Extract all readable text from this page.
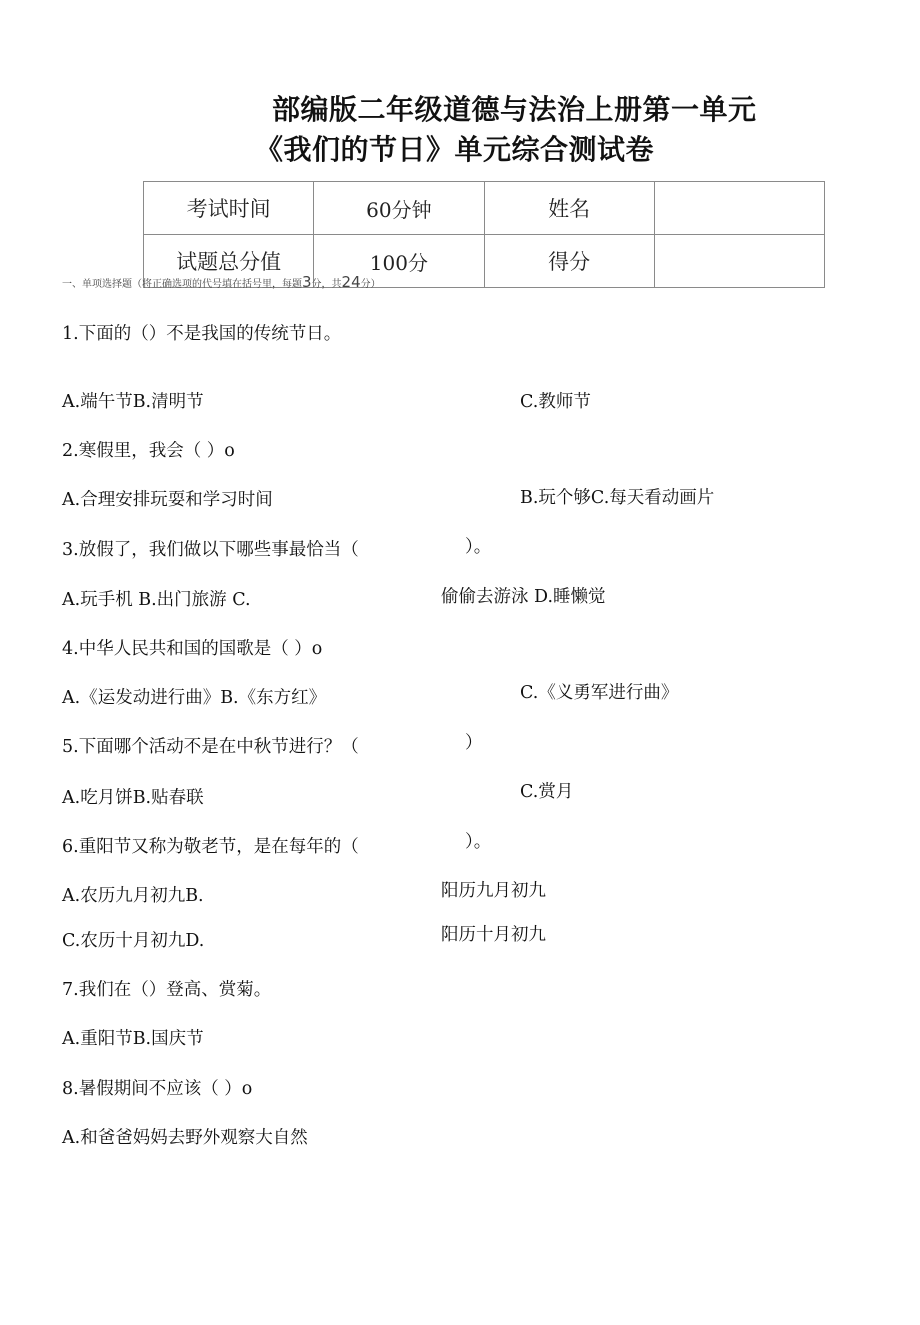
部编版二年级道德与法治上册第一单元
《我们的节日》单元综合测试卷
考试时间	60分钟	姓名	
试题总分值	100分	得分	
一、单项选择题（将正确选项的代号填在括号里，每题3分，共24分）
1.下面的（）不是我国的传统节日。
A.端午节B.清明节	C.教师节
2.寒假里，我会（ ）o
A.合理安排玩耍和学习时间	B.玩个够C.每天看动画片
3.放假了，我们做以下哪些事最恰当（	）。
A.玩手机 B.出门旅游 C.	偷偷去游泳 D.睡懒觉
4.中华人民共和国的国歌是（ ）o
A.《运发动进行曲》B.《东方红》	C.《义勇军进行曲》
5.下面哪个活动不是在中秋节进行？（	）
A.吃月饼B.贴春联	C.赏月
6.重阳节又称为敬老节，是在每年的（	）。
A.农历九月初九B.	阳历九月初九
C.农历十月初九D.	阳历十月初九
7.我们在（）登高、赏菊。
A.重阳节B.国庆节
8.暑假期间不应该（ ）o
A.和爸爸妈妈去野外观察大自然
